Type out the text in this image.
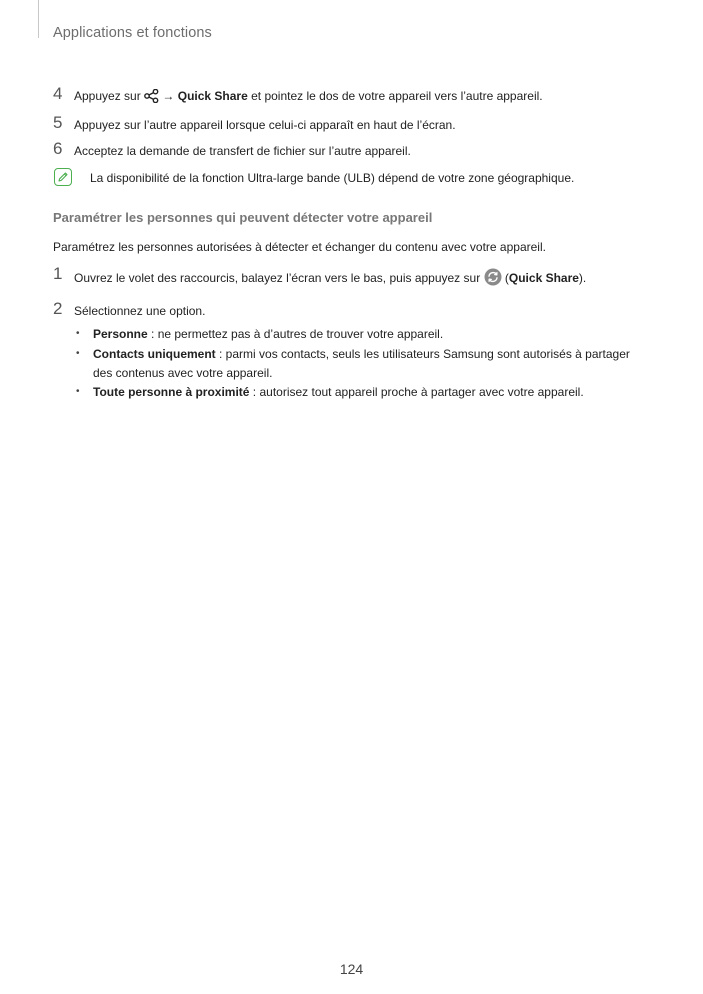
Applications et fonctions
4 Appuyez sur → Quick Share et pointez le dos de votre appareil vers l’autre appareil.
5 Appuyez sur l’autre appareil lorsque celui-ci apparaît en haut de l’écran.
6 Acceptez la demande de transfert de fichier sur l’autre appareil.
La disponibilité de la fonction Ultra-large bande (ULB) dépend de votre zone géographique.
Paramétrer les personnes qui peuvent détecter votre appareil
Paramétrez les personnes autorisées à détecter et échanger du contenu avec votre appareil.
1 Ouvrez le volet des raccourcis, balayez l’écran vers le bas, puis appuyez sur (Quick Share).
2 Sélectionnez une option.
• Personne : ne permettez pas à d’autres de trouver votre appareil.
• Contacts uniquement : parmi vos contacts, seuls les utilisateurs Samsung sont autorisés à partager
des contenus avec votre appareil.
• Toute personne à proximité : autorisez tout appareil proche à partager avec votre appareil.
124
